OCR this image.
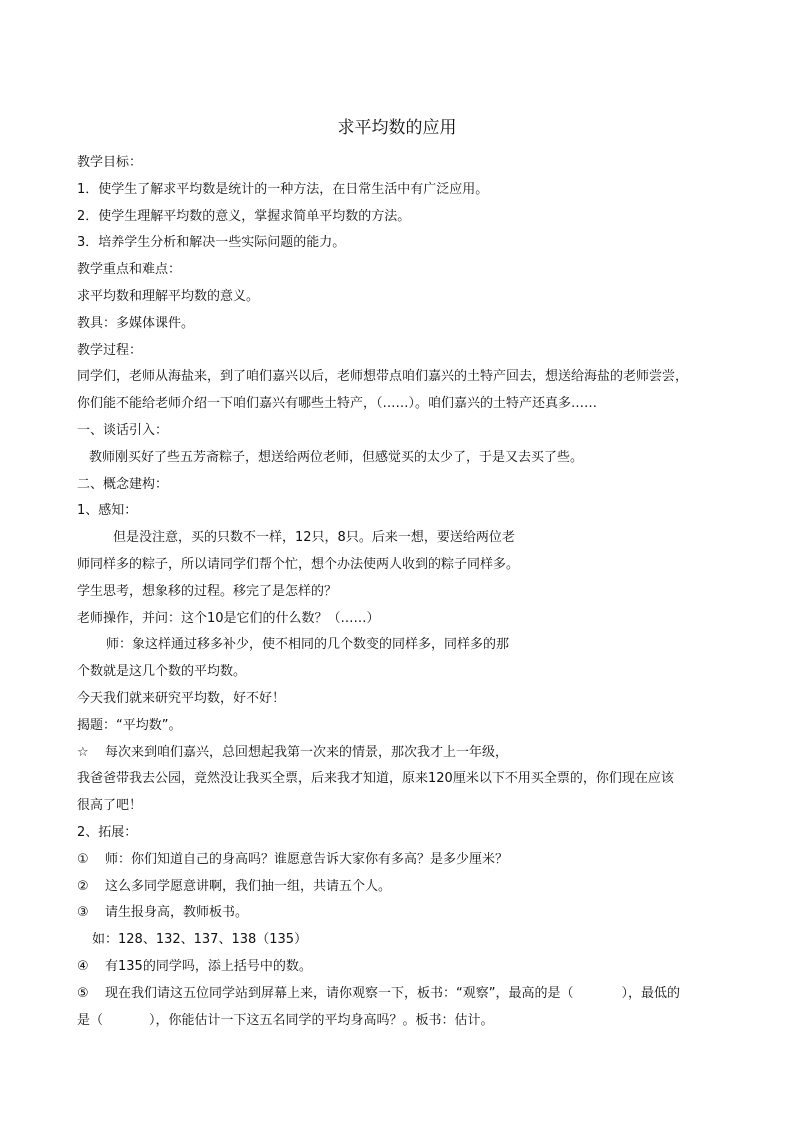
求平均数的应用
教学目标：
1．使学生了解求平均数是统计的一种方法，在日常生活中有广泛应用。
2．使学生理解平均数的意义，掌握求简单平均数的方法。
3．培养学生分析和解决一些实际问题的能力。
教学重点和难点：
求平均数和理解平均数的意义。
教具：多媒体课件。
教学过程：
同学们，老师从海盐来，到了咱们嘉兴以后，老师想带点咱们嘉兴的土特产回去，想送给海盐的老师尝尝，
你们能不能给老师介绍一下咱们嘉兴有哪些土特产，（……）。咱们嘉兴的土特产还真多……
一、谈话引入：
教师刚买好了些五芳斋粽子，想送给两位老师，但感觉买的太少了，于是又去买了些。
二、概念建构：
1、感知：
但是没注意，买的只数不一样，12只，8只。后来一想，要送给两位老
师同样多的粽子，所以请同学们帮个忙，想个办法使两人收到的粽子同样多。
学生思考，想象移的过程。移完了是怎样的？
老师操作，并问：这个10是它们的什么数？（……）
师：象这样通过移多补少，使不相同的几个数变的同样多，同样多的那
个数就是这几个数的平均数。
今天我们就来研究平均数，好不好！
揭题：“平均数”。
☆ 每次来到咱们嘉兴，总回想起我第一次来的情景，那次我才上一年级，
我爸爸带我去公园，竟然没让我买全票，后来我才知道，原来120厘米以下不用买全票的，你们现在应该
很高了吧！
2、拓展：
① 师：你们知道自己的身高吗？谁愿意告诉大家你有多高？是多少厘米？
② 这么多同学愿意讲啊，我们抽一组，共请五个人。
③ 请生报身高，教师板书。
如：128、132、137、138（135）
④ 有135的同学吗，添上括号中的数。
⑤ 现在我们请这五位同学站到屏幕上来，请你观察一下，板书：“观察”，最高的是（	），最低的
是（	），你能估计一下这五名同学的平均身高吗？。板书：估计。
